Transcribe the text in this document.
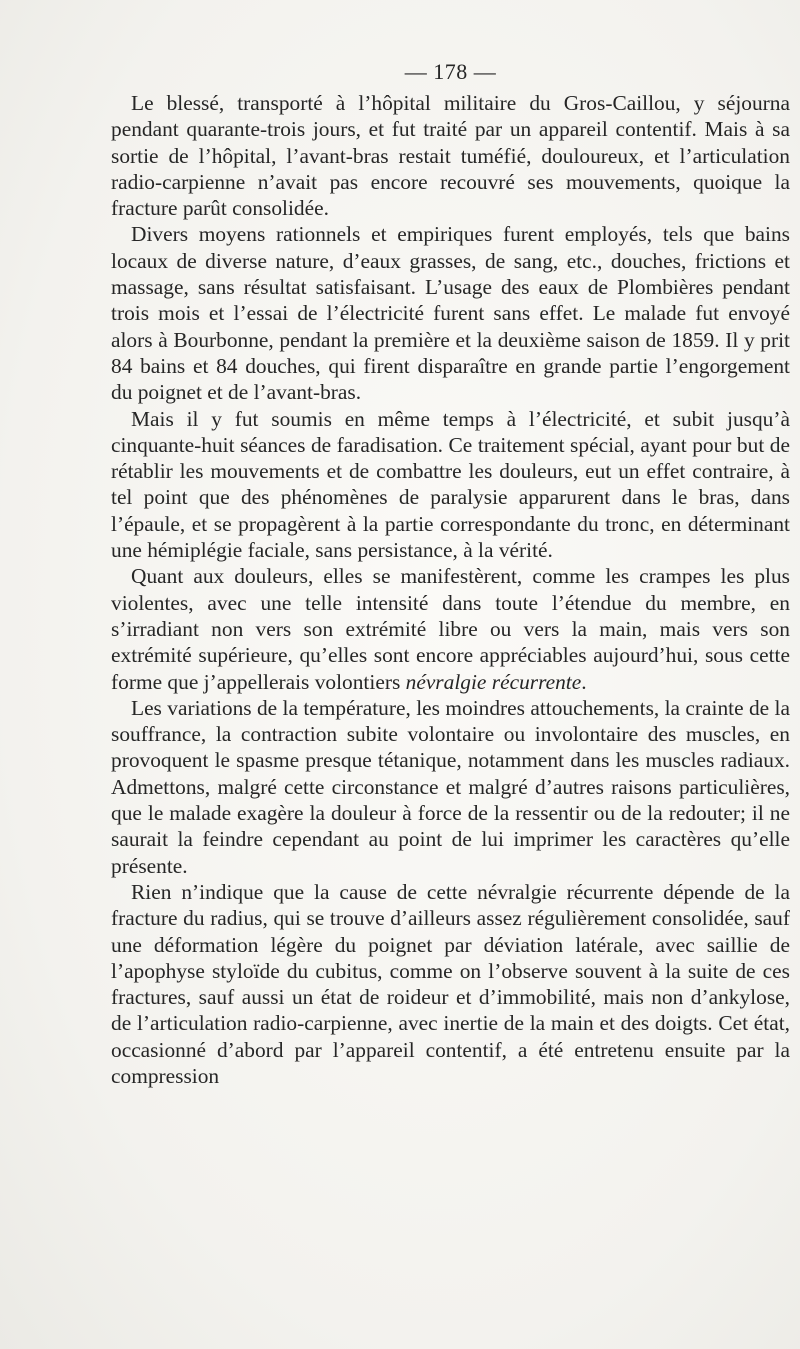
— 178 —

Le blessé, transporté à l’hôpital militaire du Gros-Caillou, y séjourna pendant quarante-trois jours, et fut traité par un appareil contentif. Mais à sa sortie de l’hôpital, l’avant-bras restait tuméfié, douloureux, et l’articulation radio-carpienne n’avait pas encore recouvré ses mouvements, quoique la fracture parût consolidée.

Divers moyens rationnels et empiriques furent employés, tels que bains locaux de diverse nature, d’eaux grasses, de sang, etc., douches, frictions et massage, sans résultat satisfaisant. L’usage des eaux de Plombières pendant trois mois et l’essai de l’électricité furent sans effet. Le malade fut envoyé alors à Bourbonne, pendant la première et la deuxième saison de 1859. Il y prit 84 bains et 84 douches, qui firent disparaître en grande partie l’engorgement du poignet et de l’avant-bras.

Mais il y fut soumis en même temps à l’électricité, et subit jusqu’à cinquante-huit séances de faradisation. Ce traitement spécial, ayant pour but de rétablir les mouvements et de combattre les douleurs, eut un effet contraire, à tel point que des phénomènes de paralysie apparurent dans le bras, dans l’épaule, et se propagèrent à la partie correspondante du tronc, en déterminant une hémiplégie faciale, sans persistance, à la vérité.

Quant aux douleurs, elles se manifestèrent, comme les crampes les plus violentes, avec une telle intensité dans toute l’étendue du membre, en s’irradiant non vers son extrémité libre ou vers la main, mais vers son extrémité supérieure, qu’elles sont encore appréciables aujourd’hui, sous cette forme que j’appellerais volontiers névralgie récurrente.

Les variations de la température, les moindres attouchements, la crainte de la souffrance, la contraction subite volontaire ou involontaire des muscles, en provoquent le spasme presque tétanique, notamment dans les muscles radiaux. Admettons, malgré cette circonstance et malgré d’autres raisons particulières, que le malade exagère la douleur à force de la ressentir ou de la redouter; il ne saurait la feindre cependant au point de lui imprimer les caractères qu’elle présente.

Rien n’indique que la cause de cette névralgie récurrente dépende de la fracture du radius, qui se trouve d’ailleurs assez régulièrement consolidée, sauf une déformation légère du poignet par déviation latérale, avec saillie de l’apophyse styloïde du cubitus, comme on l’observe souvent à la suite de ces fractures, sauf aussi un état de roideur et d’immobilité, mais non d’ankylose, de l’articulation radio-carpienne, avec inertie de la main et des doigts. Cet état, occasionné d’abord par l’appareil contentif, a été entretenu ensuite par la compression
